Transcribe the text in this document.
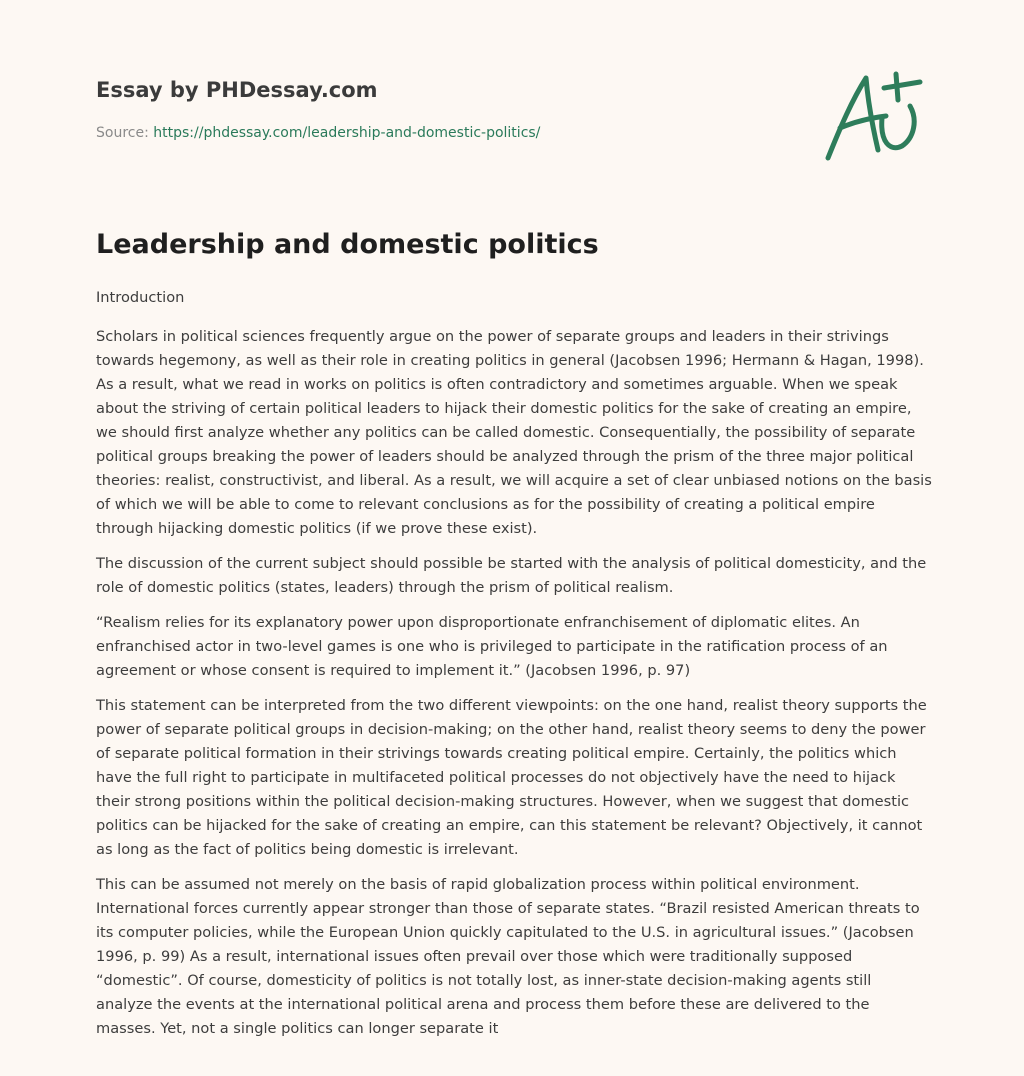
Essay by PHDessay.com
Source: https://phdessay.com/leadership-and-domestic-politics/
Leadership and domestic politics

Introduction

Scholars in political sciences frequently argue on the power of separate groups and leaders in their strivings towards hegemony, as well as their role in creating politics in general (Jacobsen 1996; Hermann & Hagan, 1998). As a result, what we read in works on politics is often contradictory and sometimes arguable. When we speak about the striving of certain political leaders to hijack their domestic politics for the sake of creating an empire, we should first analyze whether any politics can be called domestic. Consequentially, the possibility of separate political groups breaking the power of leaders should be analyzed through the prism of the three major political theories: realist, constructivist, and liberal. As a result, we will acquire a set of clear unbiased notions on the basis of which we will be able to come to relevant conclusions as for the possibility of creating a political empire through hijacking domestic politics (if we prove these exist).

The discussion of the current subject should possible be started with the analysis of political domesticity, and the role of domestic politics (states, leaders) through the prism of political realism.

“Realism relies for its explanatory power upon disproportionate enfranchisement of diplomatic elites. An enfranchised actor in two-level games is one who is privileged to participate in the ratification process of an agreement or whose consent is required to implement it.” (Jacobsen 1996, p. 97)

This statement can be interpreted from the two different viewpoints: on the one hand, realist theory supports the power of separate political groups in decision-making; on the other hand, realist theory seems to deny the power of separate political formation in their strivings towards creating political empire. Certainly, the politics which have the full right to participate in multifaceted political processes do not objectively have the need to hijack their strong positions within the political decision-making structures. However, when we suggest that domestic politics can be hijacked for the sake of creating an empire, can this statement be relevant? Objectively, it cannot as long as the fact of politics being domestic is irrelevant.

This can be assumed not merely on the basis of rapid globalization process within political environment. International forces currently appear stronger than those of separate states. “Brazil resisted American threats to its computer policies, while the European Union quickly capitulated to the U.S. in agricultural issues.” (Jacobsen 1996, p. 99) As a result, international issues often prevail over those which were traditionally supposed “domestic”. Of course, domesticity of politics is not totally lost, as inner-state decision-making agents still analyze the events at the international political arena and process them before these are delivered to the masses. Yet, not a single politics can longer separate it
